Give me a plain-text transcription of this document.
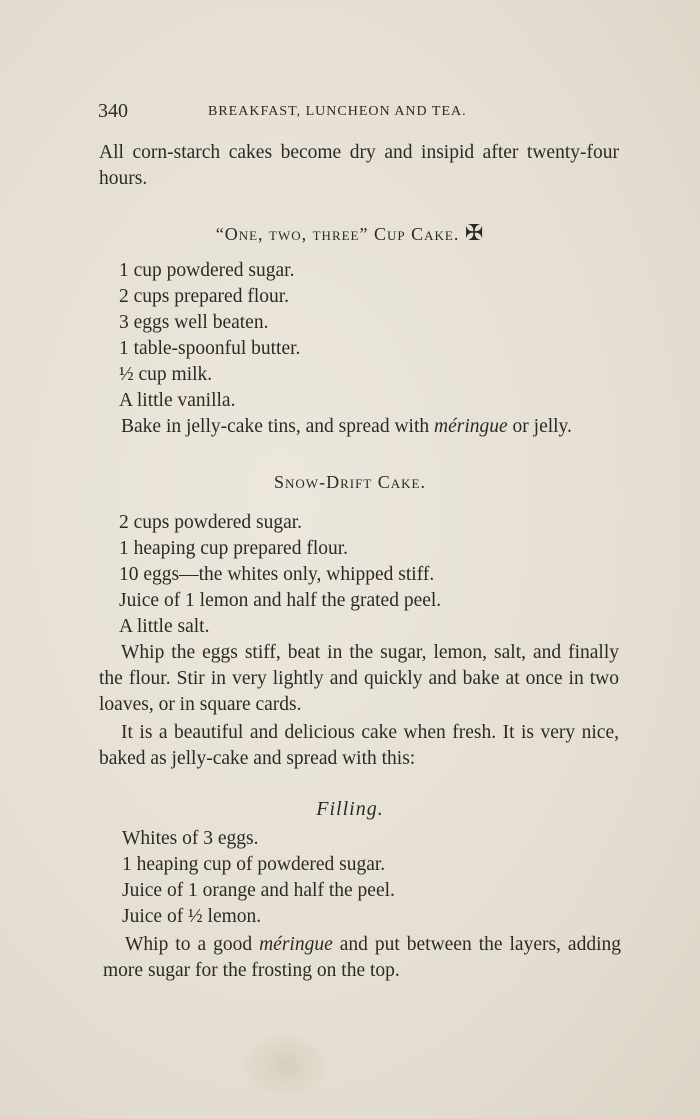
340	BREAKFAST, LUNCHEON AND TEA.

All corn-starch cakes become dry and insipid after twenty-four hours.

“One, two, three” Cup Cake. ✠

1 cup powdered sugar.

2 cups prepared flour.

3 eggs well beaten.

1 table-spoonful butter.

½ cup milk.

A little vanilla.

Bake in jelly-cake tins, and spread with méringue or jelly.

Snow-Drift Cake.

2 cups powdered sugar.

1 heaping cup prepared flour.

10 eggs—the whites only, whipped stiff.

Juice of 1 lemon and half the grated peel.

A little salt.

Whip the eggs stiff, beat in the sugar, lemon, salt, and finally the flour. Stir in very lightly and quickly and bake at once in two loaves, or in square cards.

It is a beautiful and delicious cake when fresh. It is very nice, baked as jelly-cake and spread with this:

Filling.

Whites of 3 eggs.

1 heaping cup of powdered sugar.

Juice of 1 orange and half the peel.

Juice of ½ lemon.

Whip to a good méringue and put between the layers, adding more sugar for the frosting on the top.
